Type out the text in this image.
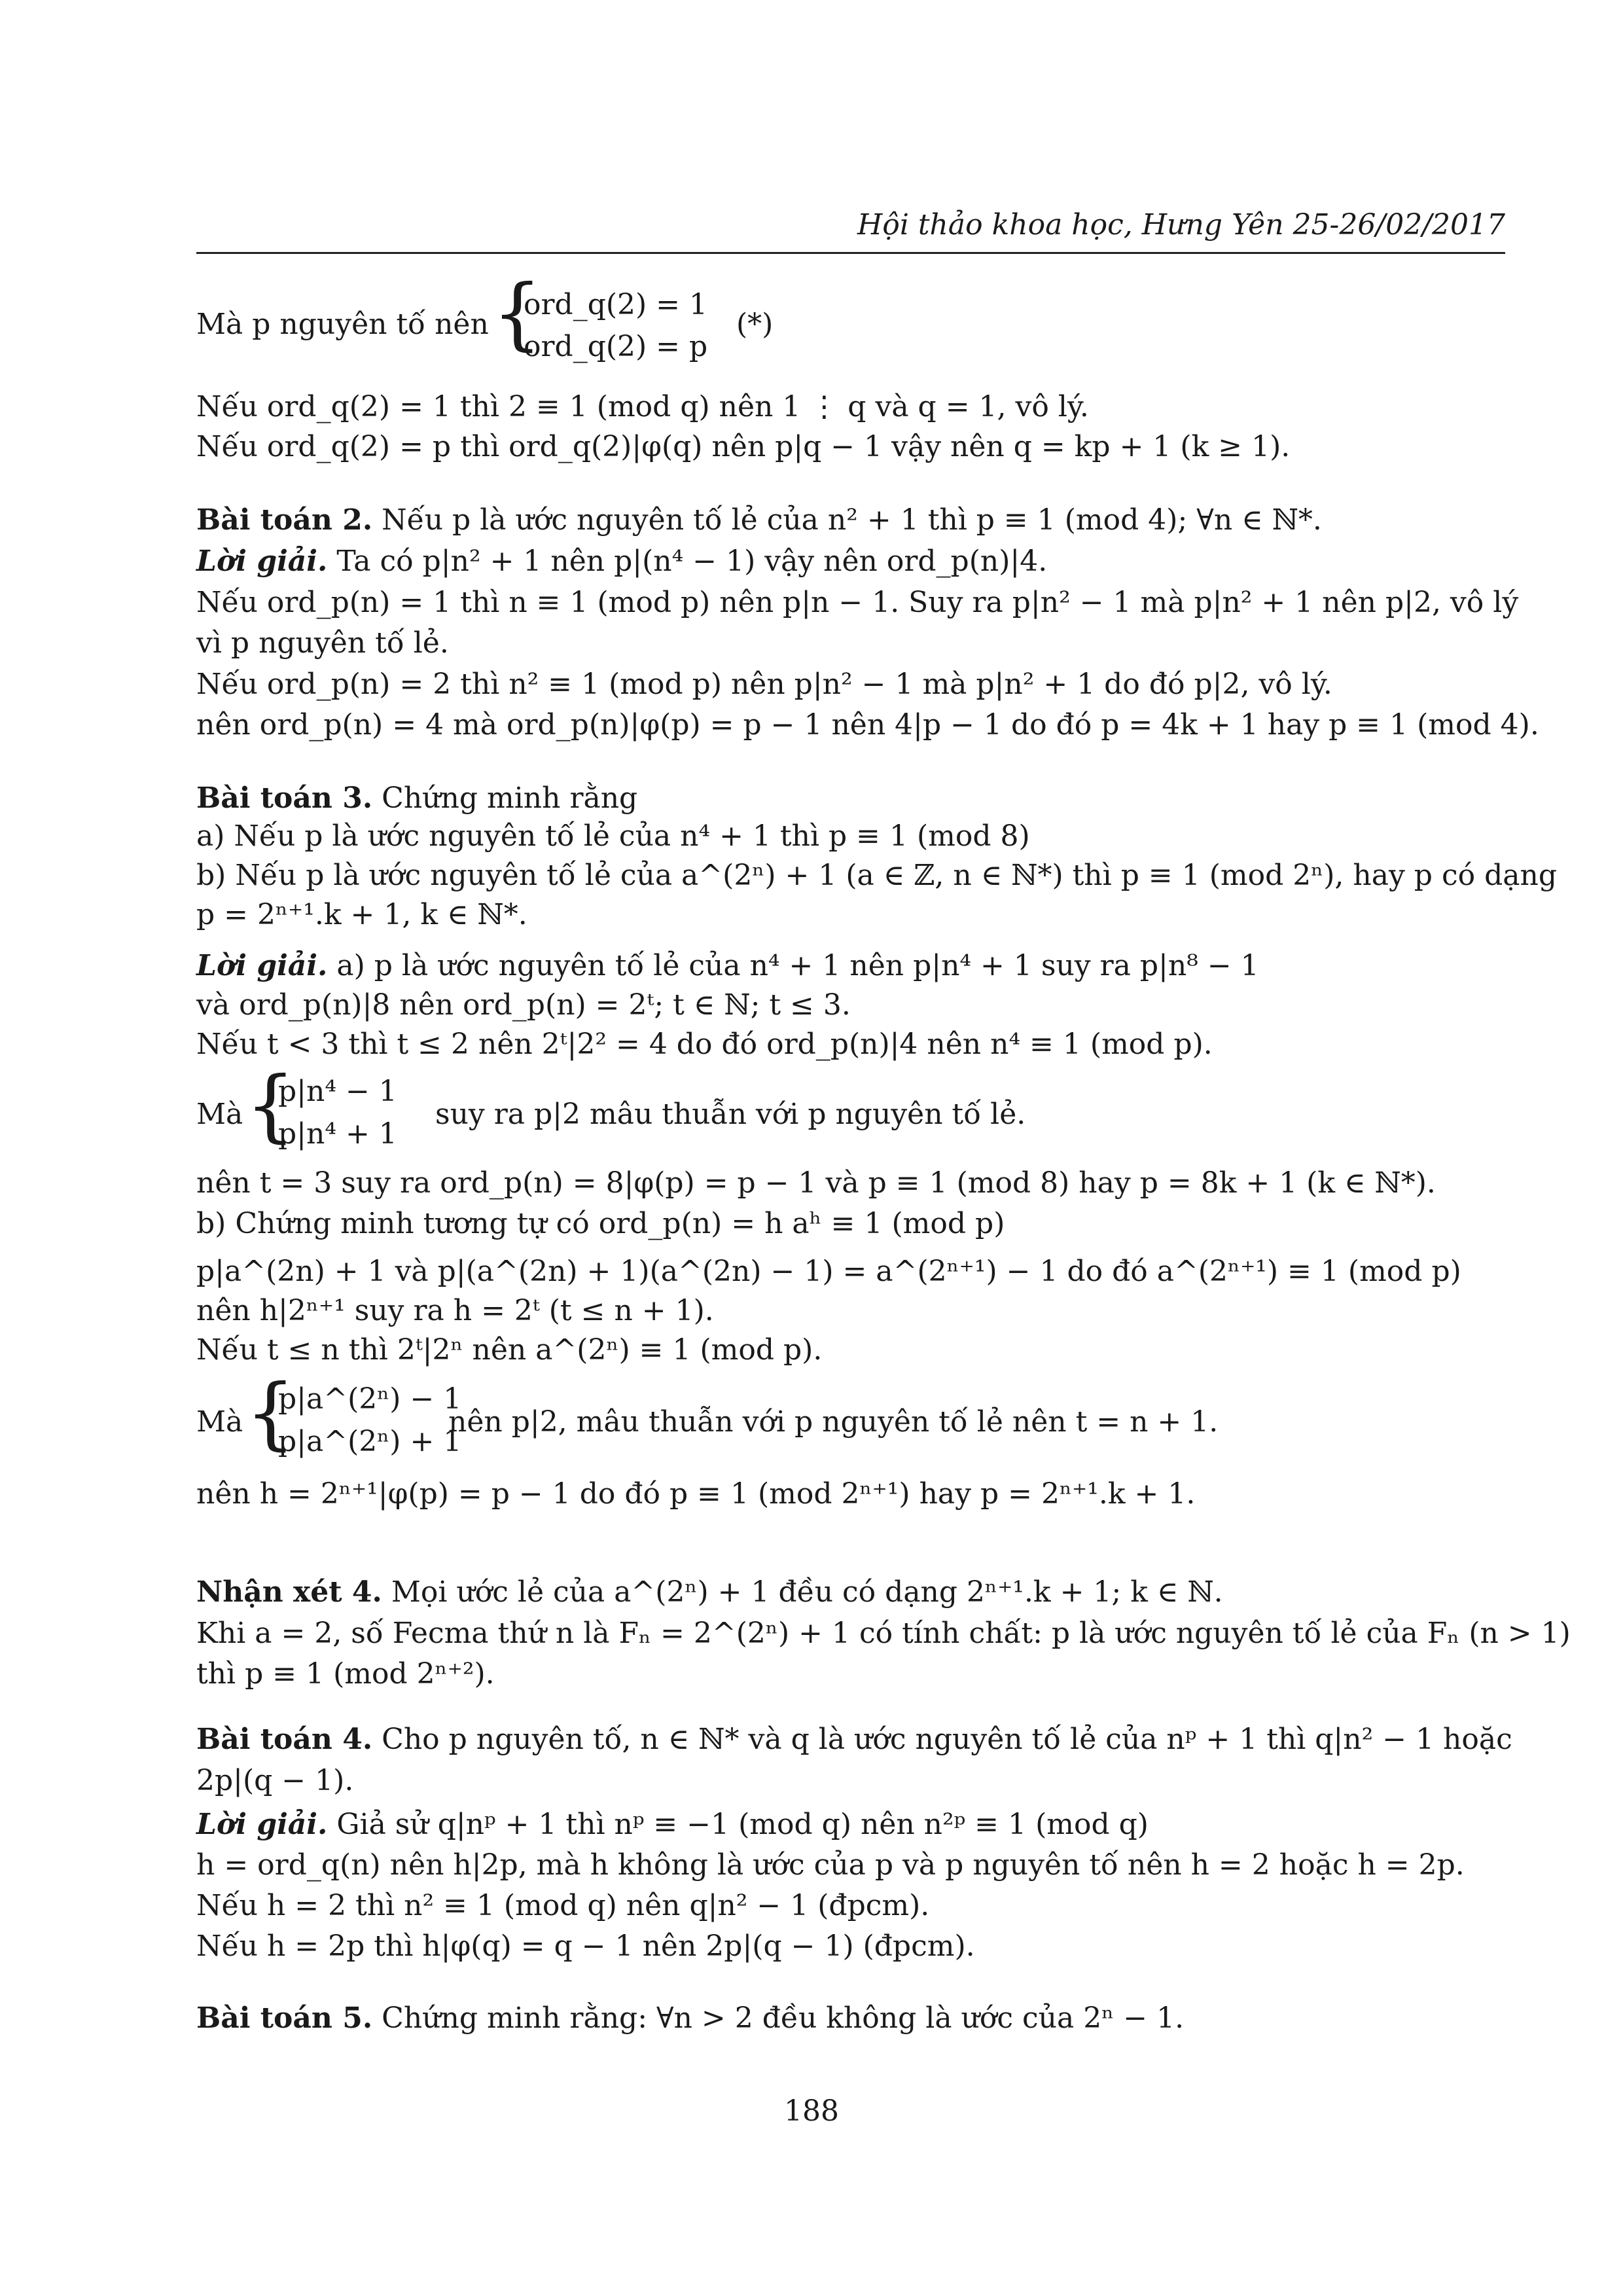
Hội thảo khoa học, Hưng Yên 25-26/02/2017
Mà p nguyên tố nên {
ord_q(2) = 1
ord_q(2) = p
(*)
Nếu ord_q(2) = 1 thì 2 ≡ 1 (mod q) nên 1 ⋮ q và q = 1, vô lý.
Nếu ord_q(2) = p thì ord_q(2)|φ(q) nên p|q − 1 vậy nên q = kp + 1 (k ≥ 1).
Bài toán 2. Nếu p là ước nguyên tố lẻ của n² + 1 thì p ≡ 1 (mod 4); ∀n ∈ ℕ*.
Lời giải. Ta có p|n² + 1 nên p|(n⁴ − 1) vậy nên ord_p(n)|4.
Nếu ord_p(n) = 1 thì n ≡ 1 (mod p) nên p|n − 1. Suy ra p|n² − 1 mà p|n² + 1 nên p|2, vô lý
vì p nguyên tố lẻ.
Nếu ord_p(n) = 2 thì n² ≡ 1 (mod p) nên p|n² − 1 mà p|n² + 1 do đó p|2, vô lý.
nên ord_p(n) = 4 mà ord_p(n)|φ(p) = p − 1 nên 4|p − 1 do đó p = 4k + 1 hay p ≡ 1 (mod 4).
Bài toán 3. Chứng minh rằng
a) Nếu p là ước nguyên tố lẻ của n⁴ + 1 thì p ≡ 1 (mod 8)
b) Nếu p là ước nguyên tố lẻ của a^(2ⁿ) + 1 (a ∈ ℤ, n ∈ ℕ*) thì p ≡ 1 (mod 2ⁿ), hay p có dạng
p = 2ⁿ⁺¹.k + 1, k ∈ ℕ*.
Lời giải. a) p là ước nguyên tố lẻ của n⁴ + 1 nên p|n⁴ + 1 suy ra p|n⁸ − 1
và ord_p(n)|8 nên ord_p(n) = 2ᵗ; t ∈ ℕ; t ≤ 3.
Nếu t < 3 thì t ≤ 2 nên 2ᵗ|2² = 4 do đó ord_p(n)|4 nên n⁴ ≡ 1 (mod p).
Mà {
p|n⁴ − 1
p|n⁴ + 1
suy ra p|2 mâu thuẫn với p nguyên tố lẻ.
nên t = 3 suy ra ord_p(n) = 8|φ(p) = p − 1 và p ≡ 1 (mod 8) hay p = 8k + 1 (k ∈ ℕ*).
b) Chứng minh tương tự có ord_p(n) = h aʰ ≡ 1 (mod p)
p|a^(2n) + 1 và p|(a^(2n) + 1)(a^(2n) − 1) = a^(2ⁿ⁺¹) − 1 do đó a^(2ⁿ⁺¹) ≡ 1 (mod p)
nên h|2ⁿ⁺¹ suy ra h = 2ᵗ (t ≤ n + 1).
Nếu t ≤ n thì 2ᵗ|2ⁿ nên a^(2ⁿ) ≡ 1 (mod p).
Mà {
p|a^(2ⁿ) − 1
p|a^(2ⁿ) + 1
nên p|2, mâu thuẫn với p nguyên tố lẻ nên t = n + 1.
nên h = 2ⁿ⁺¹|φ(p) = p − 1 do đó p ≡ 1 (mod 2ⁿ⁺¹) hay p = 2ⁿ⁺¹.k + 1.
Nhận xét 4. Mọi ước lẻ của a^(2ⁿ) + 1 đều có dạng 2ⁿ⁺¹.k + 1; k ∈ ℕ.
Khi a = 2, số Fecma thứ n là Fₙ = 2^(2ⁿ) + 1 có tính chất: p là ước nguyên tố lẻ của Fₙ (n > 1)
thì p ≡ 1 (mod 2ⁿ⁺²).
Bài toán 4. Cho p nguyên tố, n ∈ ℕ* và q là ước nguyên tố lẻ của nᵖ + 1 thì q|n² − 1 hoặc
2p|(q − 1).
Lời giải. Giả sử q|nᵖ + 1 thì nᵖ ≡ −1 (mod q) nên n²ᵖ ≡ 1 (mod q)
h = ord_q(n) nên h|2p, mà h không là ước của p và p nguyên tố nên h = 2 hoặc h = 2p.
Nếu h = 2 thì n² ≡ 1 (mod q) nên q|n² − 1 (đpcm).
Nếu h = 2p thì h|φ(q) = q − 1 nên 2p|(q − 1) (đpcm).
Bài toán 5. Chứng minh rằng: ∀n > 2 đều không là ước của 2ⁿ − 1.
188
